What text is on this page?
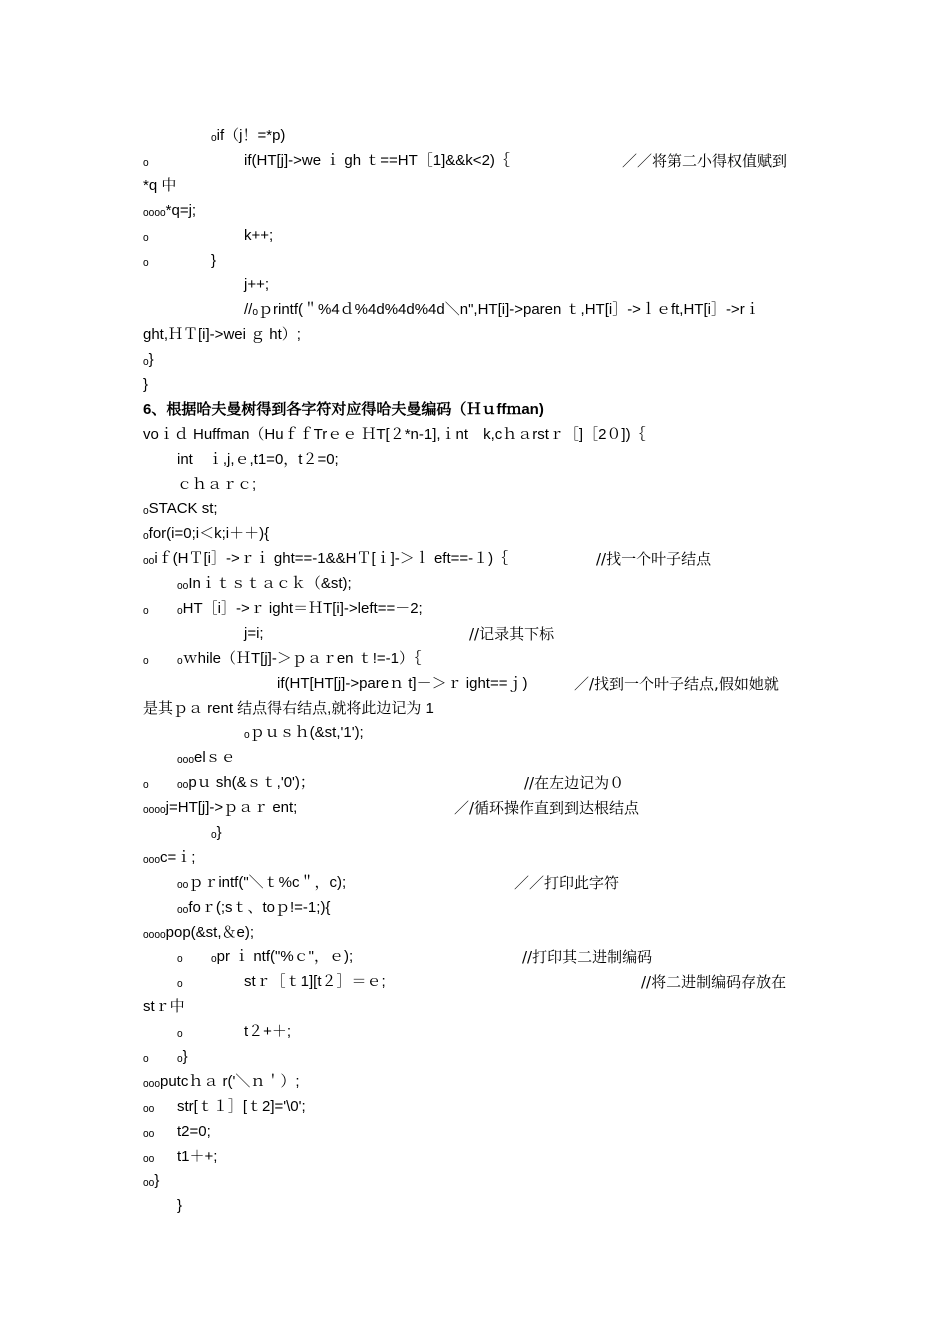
ₒif（j！=*p)

ₒ

	if(HT[j]->we ｉ gh ｔ==HT［1]&&k<2)｛

	／／将第二小得权值赋到

*q 中

ₒₒₒₒ*q=j;

ₒ

	k++;

ₒ

	}

j++;

//ₒｐrintf(＂%4ｄ%4d%4d%4d＼n",HT[i]->paren ｔ,HT[i］->ｌｅft,HT[i］->rｉ

ght,ＨＴ[i]->wei ｇ ht）;

ₒ}

}

6、根据哈夫曼树得到各字符对应得哈夫曼编码（Ｈｕffｍan)

voｉｄ Huffman（HuｆｆTrｅｅ ＨT[２*n-1],ｉnt　k,cｈａrstｒ［]［2０])｛

int　ｉ,j,ｅ,t1=0，t２=0;

ｃｈａｒｃ;

ₒSTACK st;

ₒfor(i=0;i＜k;i＋＋){

ₒₒiｆ(HＴ[i］->ｒｉ ght==-1&&HＴ[ｉ]-＞ｌ eft==-１)｛

	//找一个叶子结点

ₒₒInｉｔｓｔａｃｋ（&st);

ₒ

ₒHT［i］->ｒ ight＝ＨT[i]->left==－2;

j=i;

	//记录其下标

ₒ

ₒｗhile（ＨT[j]-＞ｐａｒen ｔ!=-1）｛

if(HT[HT[j]->pareｎ t]－＞ｒ ight==ｊ)

	／/找到一个叶子结点,假如她就

是其ｐａ rent 结点得右结点,就将此边记为 1

ₒｐｕｓｈ(&st,'1');

ₒₒₒelｓｅ

ₒ

ₒₒpｕ sh(&ｓｔ,'0')；

	//在左边记为０

ₒₒₒₒj=HT[j]->ｐａｒ ent;

	／/循环操作直到到达根结点

ₒ}

ₒₒₒc=ｉ;

ₒₒｐｒintf("＼ｔ%c＂，c);

	／／打印此字符

ₒₒfoｒ(;sｔ、toｐ!=-1;){

ₒₒₒₒpop(&st,＆e);

ₒ

ₒpr ｉ ntf("%ｃ"，ｅ);

	//打印其二进制编码

ₒ

	stｒ［ｔ1][t２］＝ｅ;

	//将二进制编码存放在

stｒ中

ₒ

	t２+＋;

ₒ

ₒ}

ₒₒₒputcｈａ r('＼ｎ＇）;

ₒₒ

str[ｔ１］[ｔ2]='\0';

ₒₒ

t2=0;

ₒₒ

t1＋+;

ₒₒ}

}
